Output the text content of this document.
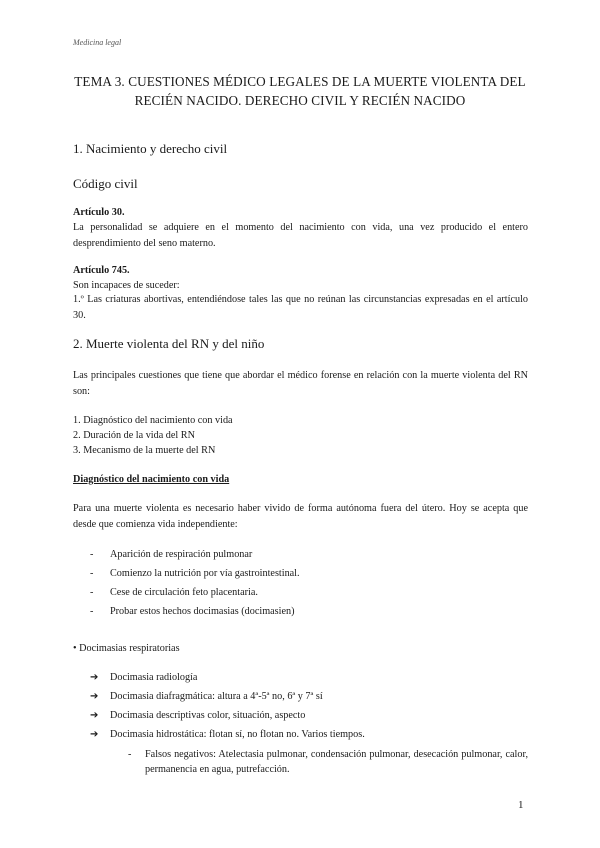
Medicina legal
TEMA 3. CUESTIONES MÉDICO LEGALES DE LA MUERTE VIOLENTA DEL RECIÉN NACIDO. DERECHO CIVIL Y RECIÉN NACIDO
1. Nacimiento y derecho civil
Código civil
Artículo 30.
La personalidad se adquiere en el momento del nacimiento con vida, una vez producido el entero desprendimiento del seno materno.
Artículo 745.
Son incapaces de suceder:
1.º Las criaturas abortivas, entendiéndose tales las que no reúnan las circunstancias expresadas en el artículo 30.
2. Muerte violenta del RN y del niño
Las principales cuestiones que tiene que abordar el médico forense en relación con la muerte violenta del RN son:
1. Diagnóstico del nacimiento con vida
2. Duración de la vida del RN
3. Mecanismo de la muerte del RN
Diagnóstico del nacimiento con vida
Para una muerte violenta es necesario haber vivido de forma autónoma fuera del útero. Hoy se acepta que desde que comienza vida independiente:
- Aparición de respiración pulmonar
- Comienzo la nutrición por vía gastrointestinal.
- Cese de circulación feto placentaria.
- Probar estos hechos docimasias (docimasien)
• Docimasias respiratorias
➔ Docimasia radiología
➔ Docimasia diafragmática: altura a 4ª-5ª no, 6ª y 7ª sí
➔ Docimasia descriptivas color, situación, aspecto
➔ Docimasia hidrostática: flotan sí, no flotan no. Varios tiempos.
- Falsos negativos: Atelectasia pulmonar, condensación pulmonar, desecación pulmonar, calor, permanencia en agua, putrefacción.
1
